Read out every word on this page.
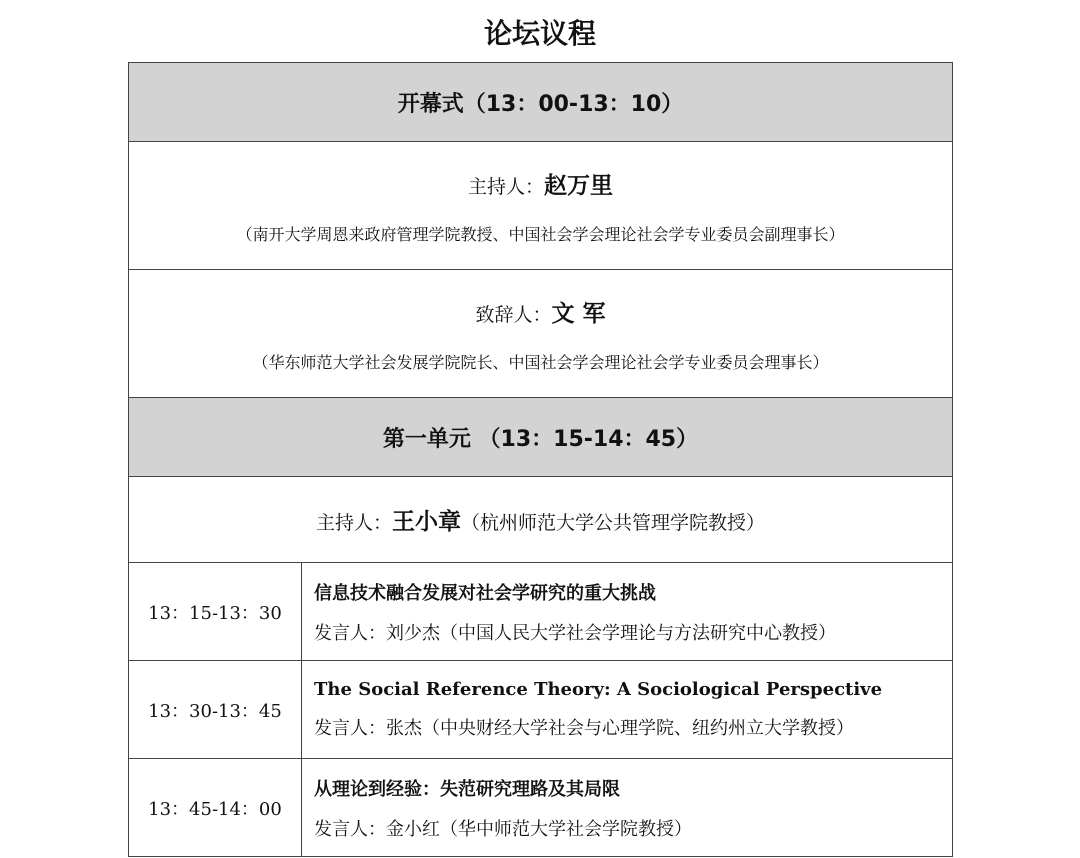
论坛议程
开幕式（13：00-13：10）	

主持人：赵万里
（南开大学周恩来政府管理学院教授、中国社会学会理论社会学专业委员会副理事长）	

致辞人：文 军
（华东师范大学社会发展学院院长、中国社会学会理论社会学专业委员会理事长）	

第一单元 （13：15-14：45）	
主持人：王小章（杭州师范大学公共管理学院教授）	
13：15-13：30	信息技术融合发展对社会学研究的重大挑战
发言人：刘少杰（中国人民大学社会学理论与方法研究中心教授）

13：30-13：45	The Social Reference Theory: A Sociological Perspective
发言人：张杰（中央财经大学社会与心理学院、纽约州立大学教授）

13：45-14：00	从理论到经验：失范研究理路及其局限
发言人：金小红（华中师范大学社会学院教授）
